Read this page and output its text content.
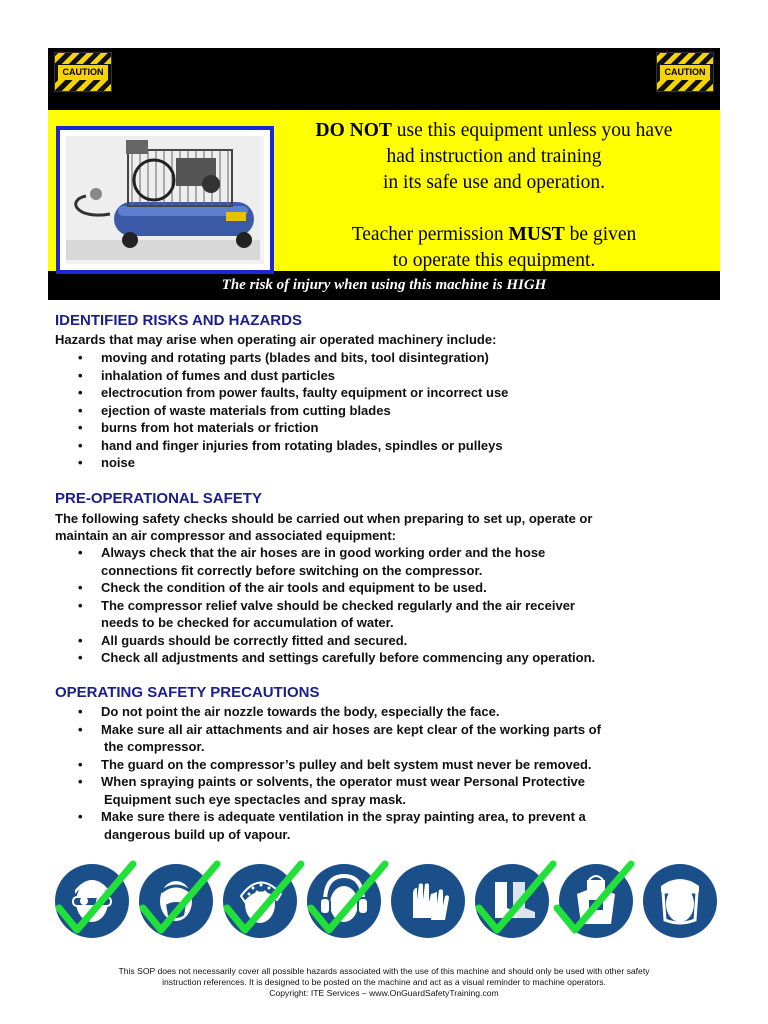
CAUTION	CAUTION

DO NOT use this equipment unless you have

had instruction and training

in its safe use and operation.

Teacher permission MUST be given

to operate this equipment.

The risk of injury when using this machine is HIGH
IDENTIFIED RISKS AND HAZARDS
Hazards that may arise when operating air operated machinery include:
• moving and rotating parts (blades and bits, tool disintegration)
• inhalation of fumes and dust particles
• electrocution from power faults, faulty equipment or incorrect use
• ejection of waste materials from cutting blades
• burns from hot materials or friction
• hand and finger injuries from rotating blades, spindles or pulleys
• noise
PRE-OPERATIONAL SAFETY
The following safety checks should be carried out when preparing to set up, operate or
maintain an air compressor and associated equipment:
• Always check that the air hoses are in good working order and the hose
connections fit correctly before switching on the compressor.
• Check the condition of the air tools and equipment to be used.
• The compressor relief valve should be checked regularly and the air receiver
needs to be checked for accumulation of water.
• All guards should be correctly fitted and secured.
• Check all adjustments and settings carefully before commencing any operation.
OPERATING SAFETY PRECAUTIONS
• Do not point the air nozzle towards the body, especially the face.
• Make sure all air attachments and air hoses are kept clear of the working parts of
the compressor.
• The guard on the compressor’s pulley and belt system must never be removed.
• When spraying paints or solvents, the operator must wear Personal Protective
Equipment such eye spectacles and spray mask.
• Make sure there is adequate ventilation in the spray painting area, to prevent a
dangerous build up of vapour.
This SOP does not necessarily cover all possible hazards associated with the use of this machine and should only be used with other safety
instruction references. It is designed to be posted on the machine and act as a visual reminder to machine operators.
Copyright: ITE Services – www.OnGuardSafetyTraining.com
